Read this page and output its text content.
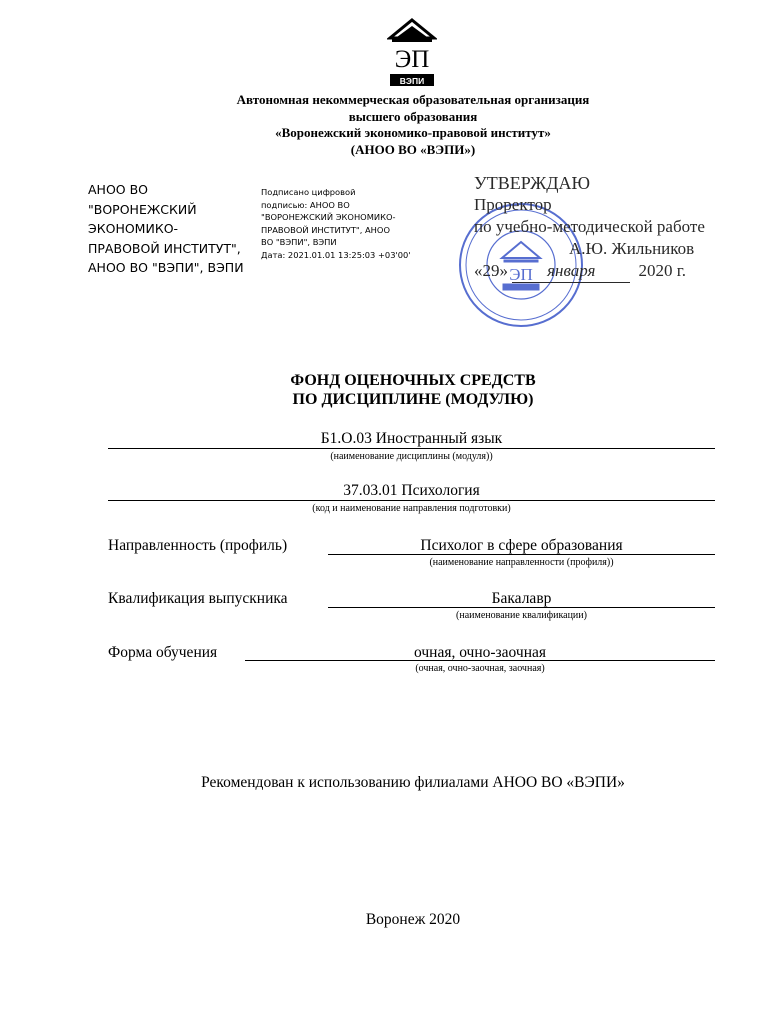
ЭП
ВЭПИ
Автономная некоммерческая образовательная организация
высшего образования
«Воронежский экономико-правовой институт»
(АНОО ВО «ВЭПИ»)
АНОО ВО
"ВОРОНЕЖСКИЙ
ЭКОНОМИКО-
ПРАВОВОЙ ИНСТИТУТ",
АНОО ВО "ВЭПИ", ВЭПИ
Подписано цифровой
подписью: АНОО ВО
"ВОРОНЕЖСКИЙ ЭКОНОМИКО-
ПРАВОВОЙ ИНСТИТУТ", АНОО
ВО "ВЭПИ", ВЭПИ
Дата: 2021.01.01 13:25:03 +03'00'
ЭП
УТВЕРЖДАЮ
Проректор
по учебно-методической работе
А.Ю. Жильников
«29» января	2020 г.
ФОНД ОЦЕНОЧНЫХ СРЕДСТВ
ПО ДИСЦИПЛИНЕ (МОДУЛЮ)
Б1.О.03 Иностранный язык
(наименование дисциплины (модуля))
37.03.01 Психология
(код и наименование направления подготовки)
Направленность (профиль)	Психолог в сфере образования
(наименование направленности (профиля))
Квалификация выпускника	Бакалавр
(наименование квалификации)
Форма обучения	очная, очно-заочная
(очная, очно-заочная, заочная)
Рекомендован к использованию филиалами АНОО ВО «ВЭПИ»
Воронеж 2020
